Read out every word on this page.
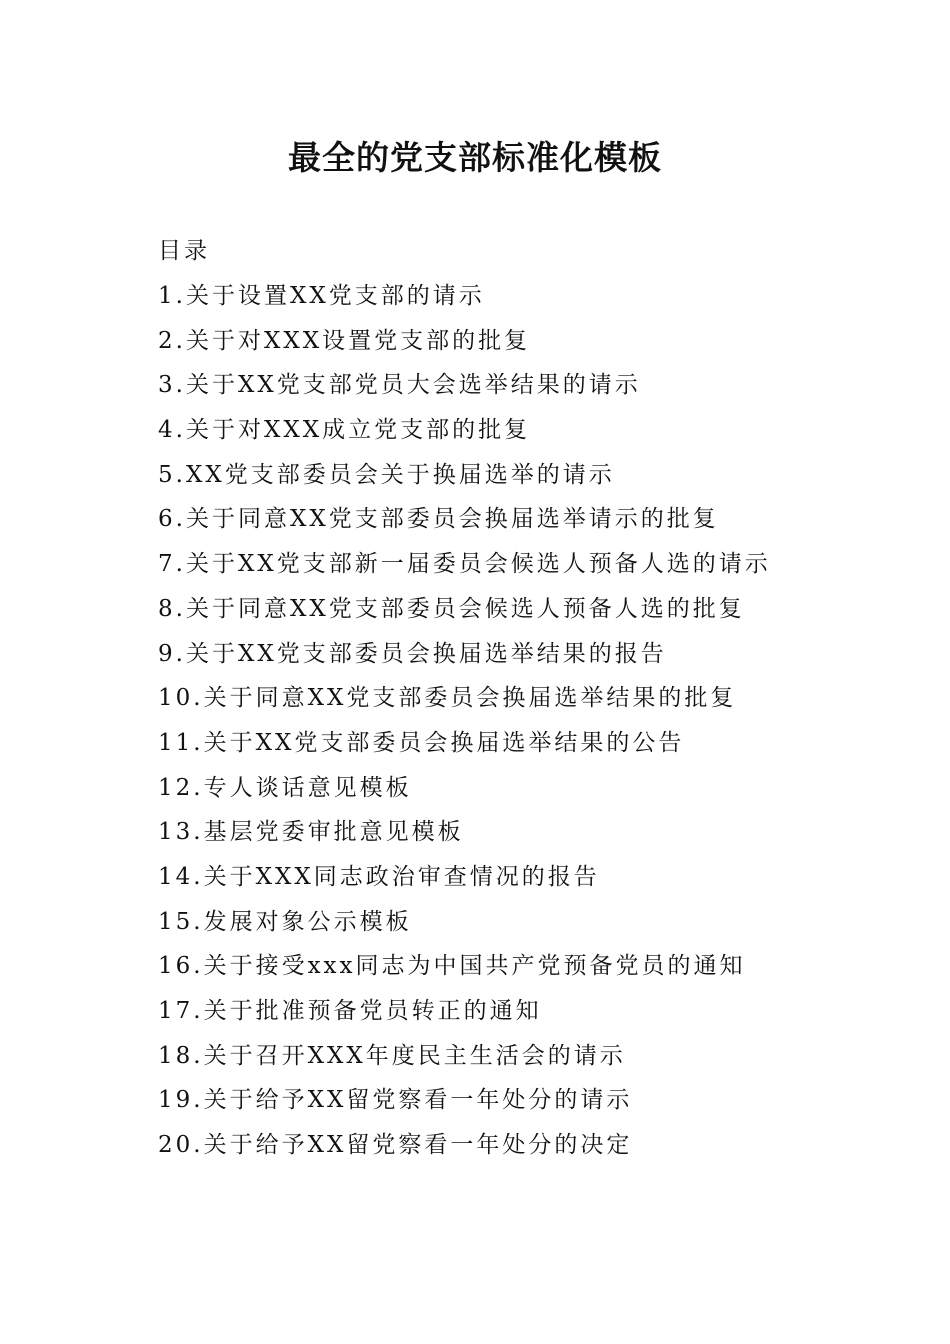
最全的党支部标准化模板
目录
1.关于设置XX党支部的请示
2.关于对XXX设置党支部的批复
3.关于XX党支部党员大会选举结果的请示
4.关于对XXX成立党支部的批复
5.XX党支部委员会关于换届选举的请示
6.关于同意XX党支部委员会换届选举请示的批复
7.关于XX党支部新一届委员会候选人预备人选的请示
8.关于同意XX党支部委员会候选人预备人选的批复
9.关于XX党支部委员会换届选举结果的报告
10.关于同意XX党支部委员会换届选举结果的批复
11.关于XX党支部委员会换届选举结果的公告
12.专人谈话意见模板
13.基层党委审批意见模板
14.关于XXX同志政治审查情况的报告
15.发展对象公示模板
16.关于接受xxx同志为中国共产党预备党员的通知
17.关于批准预备党员转正的通知
18.关于召开XXX年度民主生活会的请示
19.关于给予XX留党察看一年处分的请示
20.关于给予XX留党察看一年处分的决定
